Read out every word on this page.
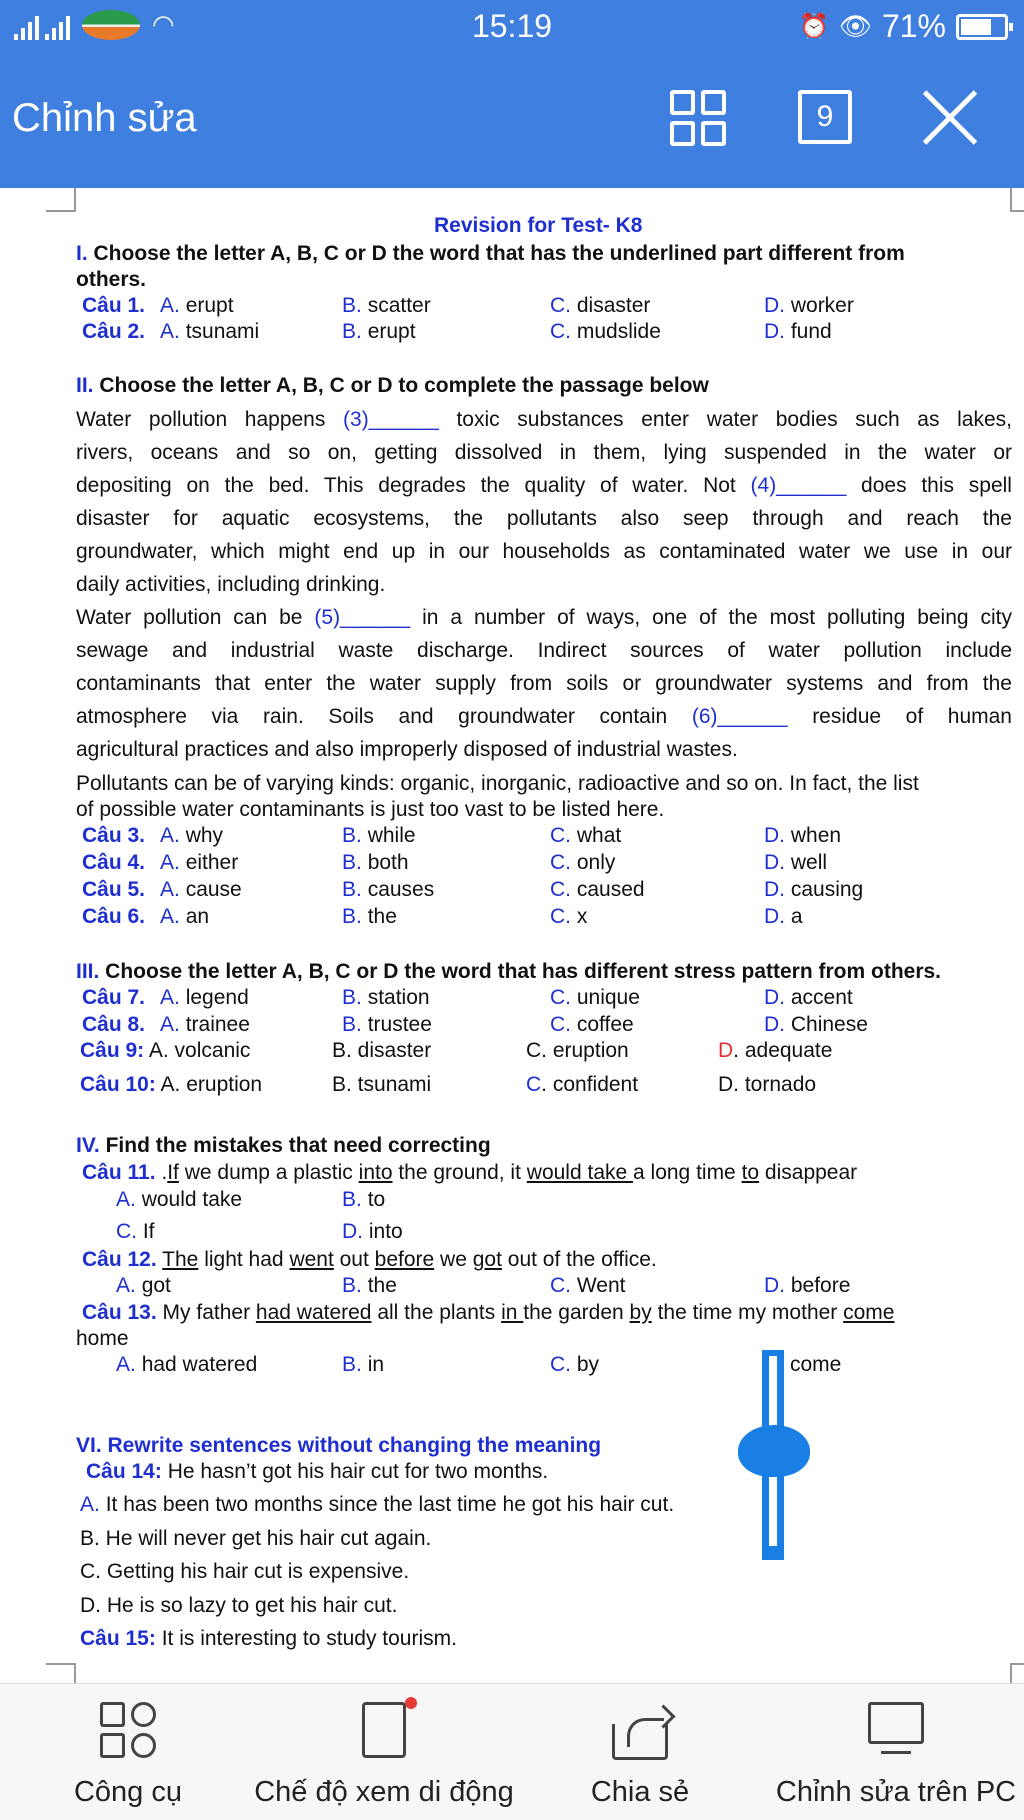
◠	15:19	⏰ 👁 71%
Chỉnh sửa	9
Revision for Test- K8
I. Choose the letter A, B, C or D the word that has the underlined part different from
others.
Câu 1. A. erupt	B. scatter	C. disaster	D. worker
Câu 2. A. tsunami	B. erupt	C. mudslide	D. fund
II. Choose the letter A, B, C or D to complete the passage below
Water pollution happens (3)______ toxic substances enter water bodies such as lakes,
rivers, oceans and so on, getting dissolved in them, lying suspended in the water or
depositing on the bed. This degrades the quality of water. Not (4)______ does this spell
disaster for aquatic ecosystems, the pollutants also seep through and reach the
groundwater, which might end up in our households as contaminated water we use in our
daily activities, including drinking.
Water pollution can be (5)______ in a number of ways, one of the most polluting being city
sewage and industrial waste discharge. Indirect sources of water pollution include
contaminants that enter the water supply from soils or groundwater systems and from the
atmosphere via rain. Soils and groundwater contain (6)______ residue of human
agricultural practices and also improperly disposed of industrial wastes.
Pollutants can be of varying kinds: organic, inorganic, radioactive and so on. In fact, the list
of possible water contaminants is just too vast to be listed here.
Câu 3. A. why	B. while	C. what	D. when
Câu 4. A. either	B. both	C. only	D. well
Câu 5. A. cause	B. causes	C. caused	D. causing
Câu 6. A. an	B. the	C. x	D. a
III. Choose the letter A, B, C or D the word that has different stress pattern from others.
Câu 7. A. legend	B. station	C. unique	D. accent
Câu 8. A. trainee	B. trustee	C. coffee	D. Chinese
Câu 9: A. volcanic	B. disaster	C. eruption	D. adequate
Câu 10: A. eruption	B. tsunami	C. confident	D. tornado
IV. Find the mistakes that need correcting
Câu 11. .If we dump a plastic into the ground, it would take a long time to disappear
A. would take	B. to
C. If	D. into
Câu 12. The light had went out before we got out of the office.
A. got	B. the	C. Went	D. before
Câu 13. My father had watered all the plants in the garden by the time my mother come
home
A. had watered	B. in	C. by	come
VI. Rewrite sentences without changing the meaning
Câu 14: He hasn’t got his hair cut for two months.
A. It has been two months since the last time he got his hair cut.
B. He will never get his hair cut again.
C. Getting his hair cut is expensive.
D. He is so lazy to get his hair cut.
Câu 15: It is interesting to study tourism.
Công cụ	Chế độ xem di động	Chia sẻ	Chỉnh sửa trên PC
